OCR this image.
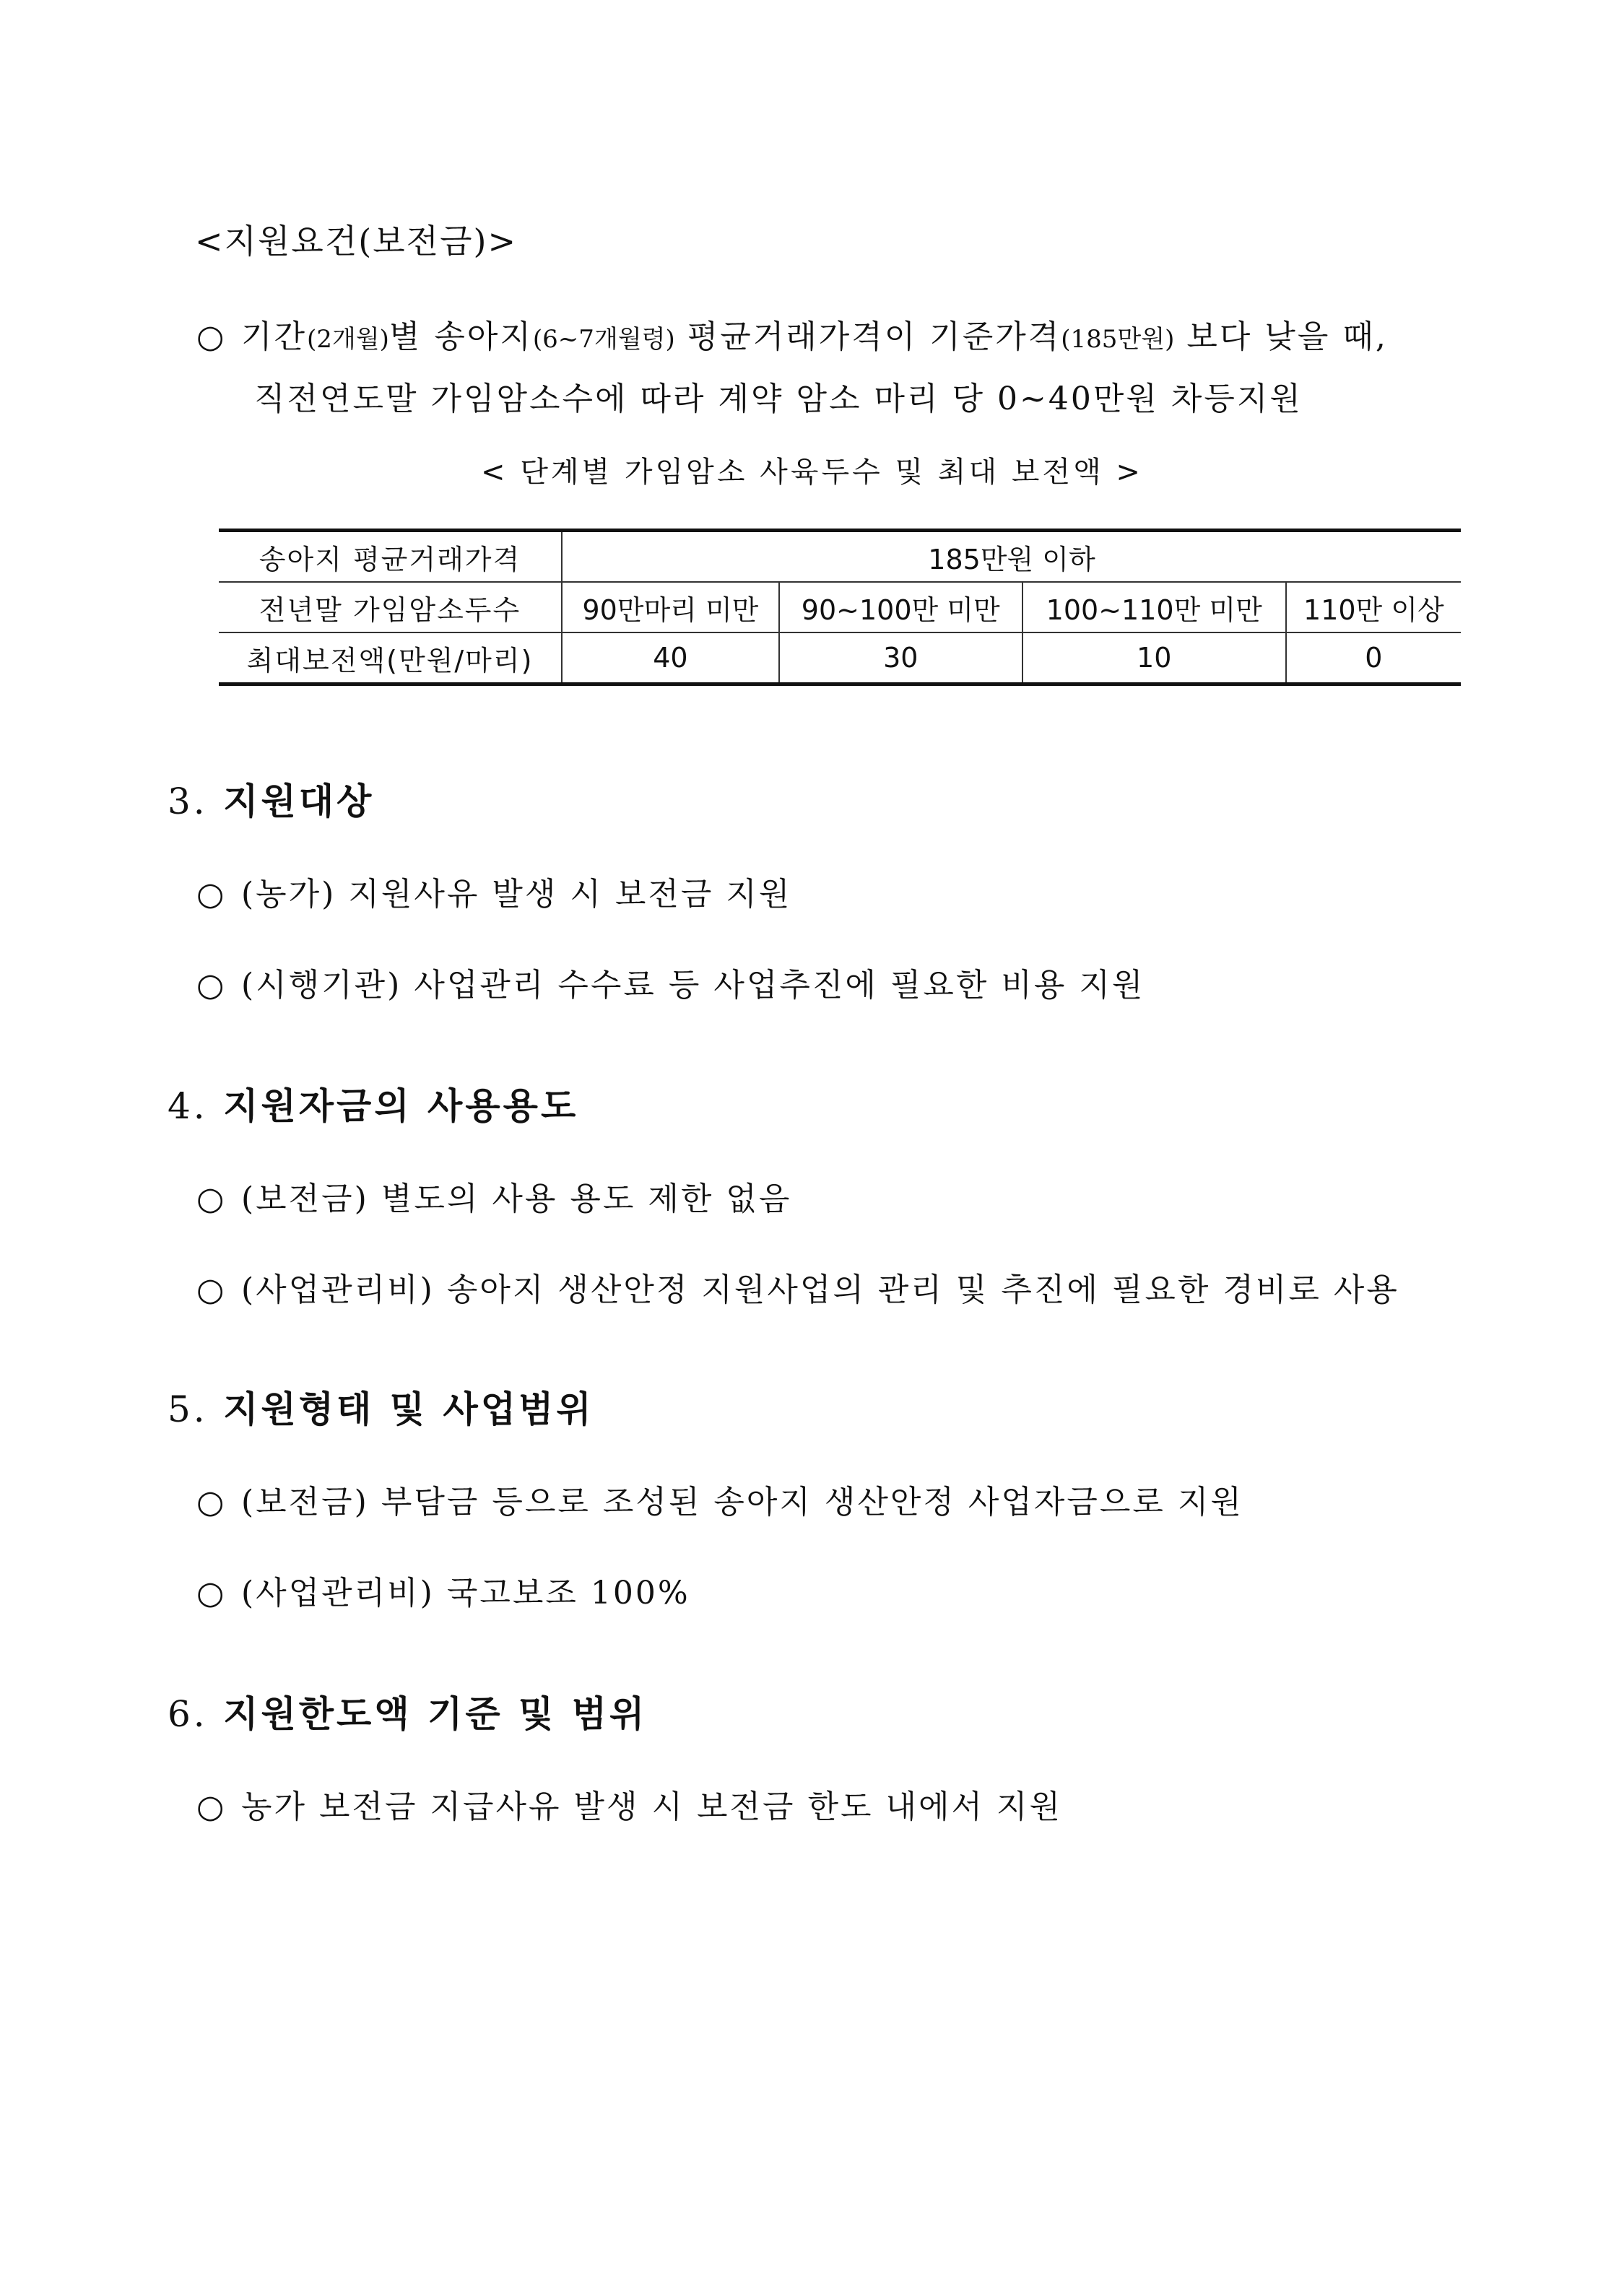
<지원요건(보전금)>
○ 기간(2개월)별 송아지(6~7개월령) 평균거래가격이 기준가격(185만원) 보다 낮을 때,
직전연도말 가임암소수에 따라 계약 암소 마리 당 0~40만원 차등지원
< 단계별 가임암소 사육두수 및 최대 보전액 >
송아지 평균거래가격	185만원 이하			
전년말 가임암소두수	90만마리 미만	90~100만 미만	100~110만 미만	110만 이상
최대보전액(만원/마리)	40	30	10	0
3. 지원대상
○ (농가) 지원사유 발생 시 보전금 지원
○ (시행기관) 사업관리 수수료 등 사업추진에 필요한 비용 지원
4. 지원자금의 사용용도
○ (보전금) 별도의 사용 용도 제한 없음
○ (사업관리비) 송아지 생산안정 지원사업의 관리 및 추진에 필요한 경비로 사용
5. 지원형태 및 사업범위
○ (보전금) 부담금 등으로 조성된 송아지 생산안정 사업자금으로 지원
○ (사업관리비) 국고보조 100%
6. 지원한도액 기준 및 범위
○ 농가 보전금 지급사유 발생 시 보전금 한도 내에서 지원
